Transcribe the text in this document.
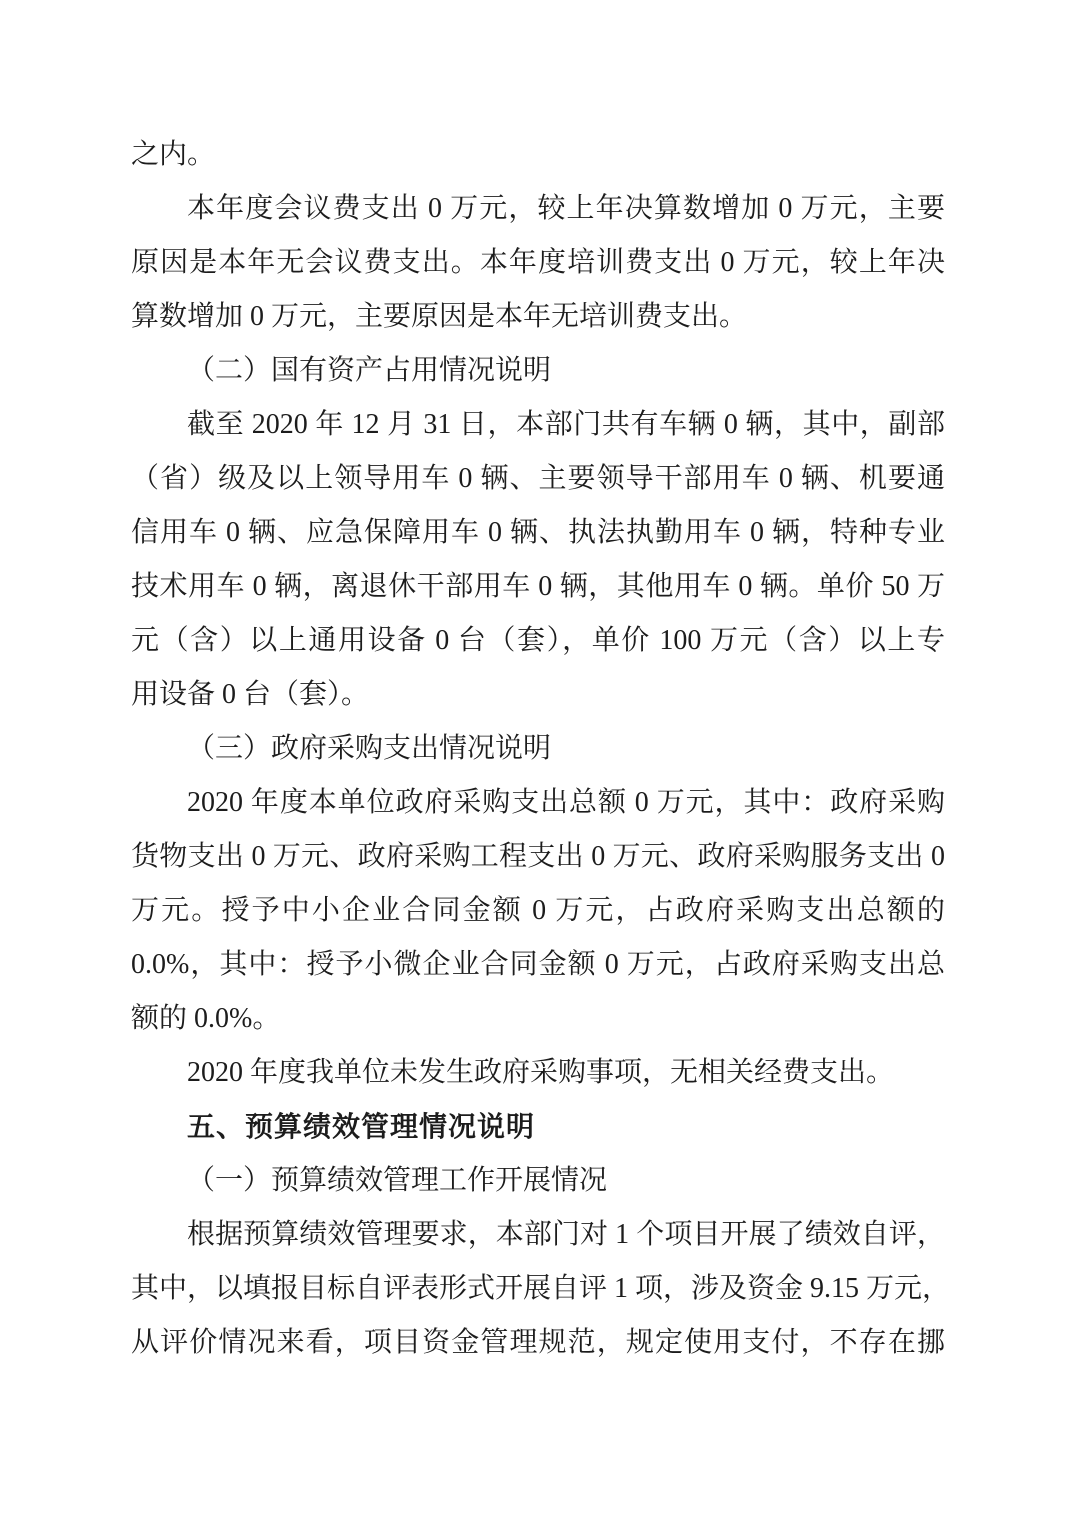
之内。
本年度会议费支出 0 万元，较上年决算数增加 0 万元，主要
原因是本年无会议费支出。本年度培训费支出 0 万元，较上年决
算数增加 0 万元，主要原因是本年无培训费支出。
（二）国有资产占用情况说明
截至 2020 年 12 月 31 日，本部门共有车辆 0 辆，其中，副部
（省）级及以上领导用车 0 辆、主要领导干部用车 0 辆、机要通
信用车 0 辆、应急保障用车 0 辆、执法执勤用车 0 辆，特种专业
技术用车 0 辆，离退休干部用车 0 辆，其他用车 0 辆。单价 50 万
元（含）以上通用设备 0 台（套），单价 100 万元（含）以上专
用设备 0 台（套）。
（三）政府采购支出情况说明
2020 年度本单位政府采购支出总额 0 万元，其中：政府采购
货物支出 0 万元、政府采购工程支出 0 万元、政府采购服务支出 0
万元。授予中小企业合同金额 0 万元，占政府采购支出总额的
0.0%，其中：授予小微企业合同金额 0 万元，占政府采购支出总
额的 0.0%。
2020 年度我单位未发生政府采购事项，无相关经费支出。
五、预算绩效管理情况说明
（一）预算绩效管理工作开展情况
根据预算绩效管理要求，本部门对 1 个项目开展了绩效自评，
其中，以填报目标自评表形式开展自评 1 项，涉及资金 9.15 万元，
从评价情况来看，项目资金管理规范，规定使用支付，不存在挪
